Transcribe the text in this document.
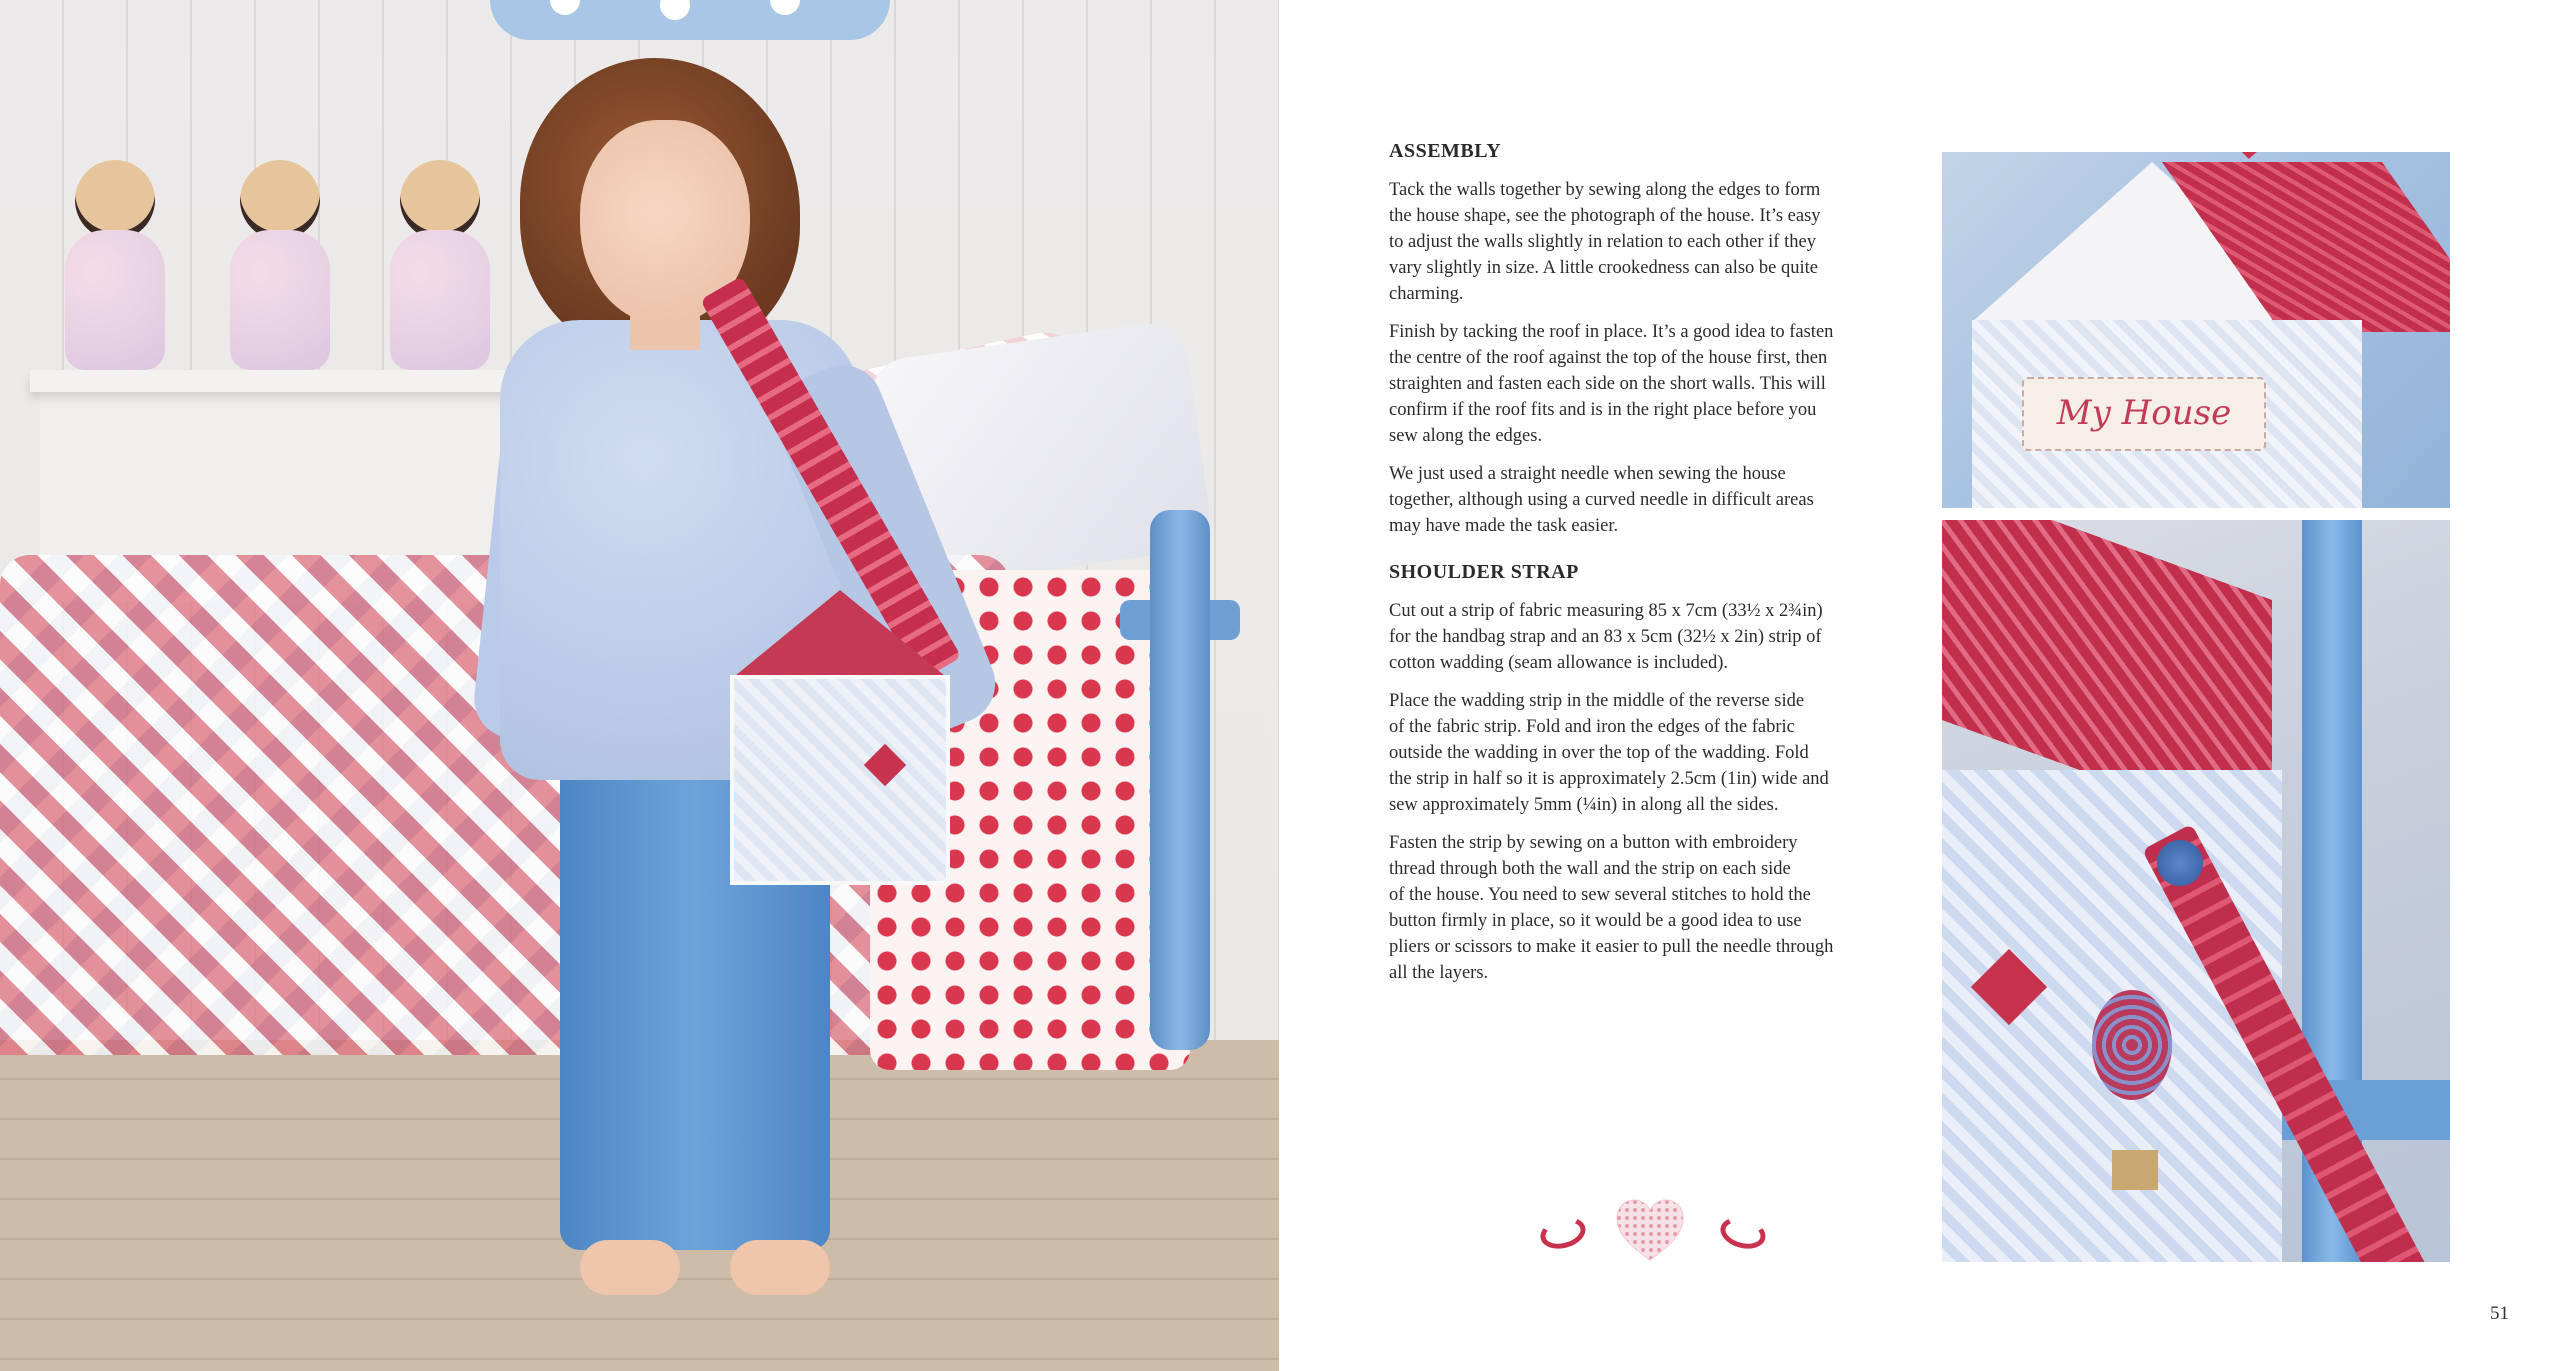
ASSEMBLY

Tack the walls together by sewing along the edges to form
the house shape, see the photograph of the house. It’s easy
to adjust the walls slightly in relation to each other if they
vary slightly in size. A little crookedness can also be quite
charming.

Finish by tacking the roof in place. It’s a good idea to fasten
the centre of the roof against the top of the house first, then
straighten and fasten each side on the short walls. This will
confirm if the roof fits and is in the right place before you
sew along the edges.

We just used a straight needle when sewing the house
together, although using a curved needle in difficult areas
may have made the task easier.

SHOULDER STRAP

Cut out a strip of fabric measuring 85 x 7cm (33½ x 2¾in)
for the handbag strap and an 83 x 5cm (32½ x 2in) strip of
cotton wadding (seam allowance is included).

Place the wadding strip in the middle of the reverse side
of the fabric strip. Fold and iron the edges of the fabric
outside the wadding in over the top of the wadding. Fold
the strip in half so it is approximately 2.5cm (1in) wide and
sew approximately 5mm (¼in) in along all the sides.

Fasten the strip by sewing on a button with embroidery
thread through both the wall and the strip on each side
of the house. You need to sew several stitches to hold the
button firmly in place, so it would be a good idea to use
pliers or scissors to make it easier to pull the needle through
all the layers.

My House
51
